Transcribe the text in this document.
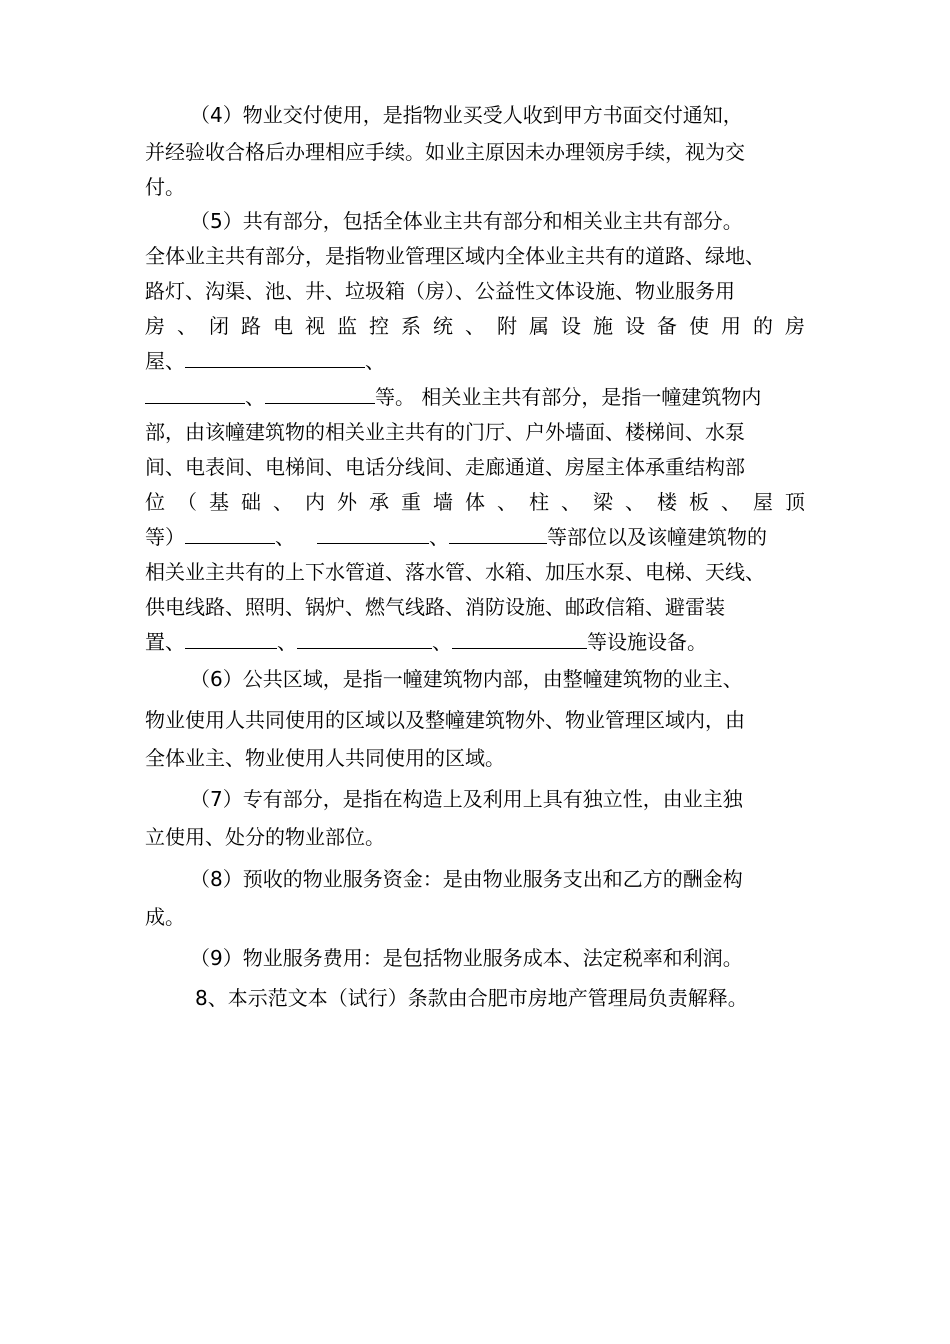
（4）物业交付使用，是指物业买受人收到甲方书面交付通知，
并经验收合格后办理相应手续。如业主原因未办理领房手续，视为交
付。
（5）共有部分，包括全体业主共有部分和相关业主共有部分。
全体业主共有部分，是指物业管理区域内全体业主共有的道路、绿地、
路灯、沟渠、池、井、垃圾箱（房）、公益性文体设施、物业服务用
房 、 闭 路 电 视 监 控 系 统 、 附 属 设 施 设 备 使 用 的 房
屋、	、
、	等。 相关业主共有部分，是指一幢建筑物内
部，由该幢建筑物的相关业主共有的门厅、户外墙面、楼梯间、水泵
间、电表间、电梯间、电话分线间、走廊通道、房屋主体承重结构部
位 （ 基 础 、 内 外 承 重 墙 体 、 柱 、 梁 、 楼 板 、 屋 顶
等）	、	、	等部位以及该幢建筑物的
相关业主共有的上下水管道、落水管、水箱、加压水泵、电梯、天线、
供电线路、照明、锅炉、燃气线路、消防设施、邮政信箱、避雷装
置、	、	、	等设施设备。
（6）公共区域，是指一幢建筑物内部，由整幢建筑物的业主、
物业使用人共同使用的区域以及整幢建筑物外、物业管理区域内，由
全体业主、物业使用人共同使用的区域。
（7）专有部分，是指在构造上及利用上具有独立性，由业主独
立使用、处分的物业部位。
（8）预收的物业服务资金：是由物业服务支出和乙方的酬金构
成。
（9）物业服务费用：是包括物业服务成本、法定税率和利润。
8、本示范文本（试行）条款由合肥市房地产管理局负责解释。
